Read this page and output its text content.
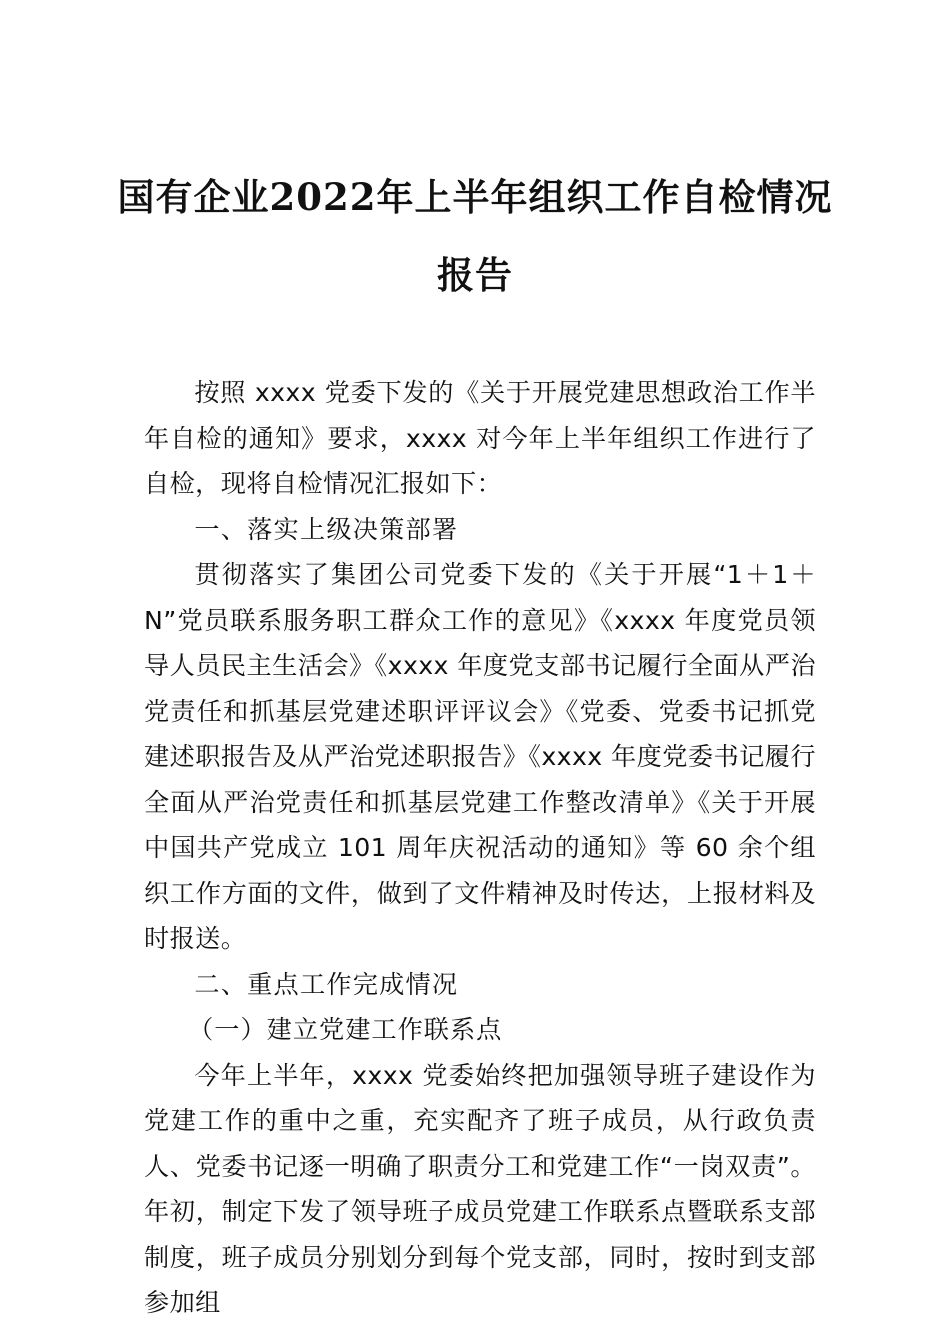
国有企业2022年上半年组织工作自检情况
报告

按照 xxxx 党委下发的《关于开展党建思想政治工作半年自检的通知》要求，xxxx 对今年上半年组织工作进行了自检，现将自检情况汇报如下：

一、落实上级决策部署

贯彻落实了集团公司党委下发的《关于开展“1＋1＋N”党员联系服务职工群众工作的意见》《xxxx 年度党员领导人员民主生活会》《xxxx 年度党支部书记履行全面从严治党责任和抓基层党建述职评评议会》《党委、党委书记抓党建述职报告及从严治党述职报告》《xxxx 年度党委书记履行全面从严治党责任和抓基层党建工作整改清单》《关于开展中国共产党成立 101 周年庆祝活动的通知》等 60 余个组织工作方面的文件，做到了文件精神及时传达，上报材料及时报送。

二、重点工作完成情况

（一）建立党建工作联系点

今年上半年，xxxx 党委始终把加强领导班子建设作为党建工作的重中之重，充实配齐了班子成员，从行政负责人、党委书记逐一明确了职责分工和党建工作“一岗双责”。年初，制定下发了领导班子成员党建工作联系点暨联系支部制度，班子成员分别划分到每个党支部，同时，按时到支部参加组
